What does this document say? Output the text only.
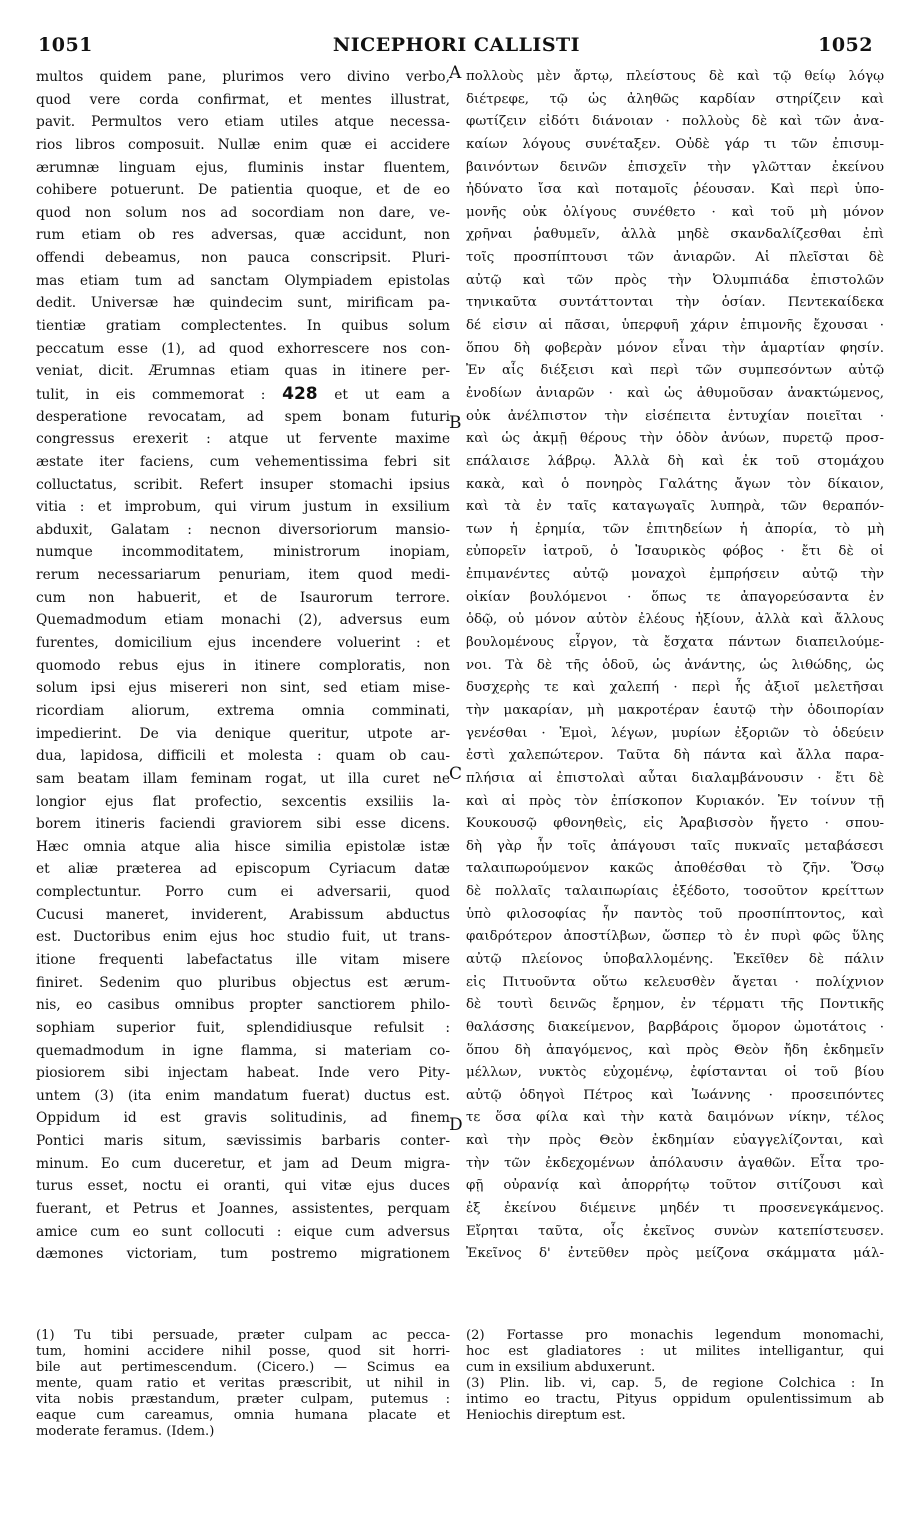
1051	NICEPHORI CALLISTI	1052
A
B
C
D
multos quidem pane, plurimos vero divino verbo,
quod vere corda confirmat, et mentes illustrat,
pavit. Permultos vero etiam utiles atque necessa-
rios libros composuit. Nullæ enim quæ ei accidere
ærumnæ linguam ejus, fluminis instar fluentem,
cohibere potuerunt. De patientia quoque, et de eo
quod non solum nos ad socordiam non dare, ve-
rum etiam ob res adversas, quæ accidunt, non
offendi debeamus, non pauca conscripsit. Pluri-
mas etiam tum ad sanctam Olympiadem epistolas
dedit. Universæ hæ quindecim sunt, mirificam pa-
tientiæ gratiam complectentes. In quibus solum
peccatum esse (1), ad quod exhorrescere nos con-
veniat, dicit. Ærumnas etiam quas in itinere per-
tulit, in eis commemorat : 428 et ut eam a
desperatione revocatam, ad spem bonam futuri
congressus erexerit : atque ut fervente maxime
æstate iter faciens, cum vehementissima febri sit
colluctatus, scribit. Refert insuper stomachi ipsius
vitia : et improbum, qui virum justum in exsilium
abduxit, Galatam : necnon diversoriorum mansio-
numque incommoditatem, ministrorum inopiam,
rerum necessariarum penuriam, item quod medi-
cum non habuerit, et de Isaurorum terrore.
Quemadmodum etiam monachi (2), adversus eum
furentes, domicilium ejus incendere voluerint : et
quomodo rebus ejus in itinere comploratis, non
solum ipsi ejus misereri non sint, sed etiam mise-
ricordiam aliorum, extrema omnia comminati,
impedierint. De via denique queritur, utpote ar-
dua, lapidosa, difficili et molesta : quam ob cau-
sam beatam illam feminam rogat, ut illa curet ne
longior ejus flat profectio, sexcentis exsiliis la-
borem itineris faciendi graviorem sibi esse dicens.
Hæc omnia atque alia hisce similia epistolæ istæ
et aliæ præterea ad episcopum Cyriacum datæ
complectuntur. Porro cum ei adversarii, quod
Cucusi maneret, inviderent, Arabissum abductus
est. Ductoribus enim ejus hoc studio fuit, ut trans-
itione frequenti labefactatus ille vitam misere
finiret. Sedenim quo pluribus objectus est ærum-
nis, eo casibus omnibus propter sanctiorem philo-
sophiam superior fuit, splendidiusque refulsit :
quemadmodum in igne flamma, si materiam co-
piosiorem sibi injectam habeat. Inde vero Pity-
untem (3) (ita enim mandatum fuerat) ductus est.
Oppidum id est gravis solitudinis, ad finem
Pontici maris situm, sævissimis barbaris conter-
minum. Eo cum duceretur, et jam ad Deum migra-
turus esset, noctu ei oranti, qui vitæ ejus duces
fuerant, et Petrus et Joannes, assistentes, perquam
amice cum eo sunt collocuti : eique cum adversus
dæmones victoriam, tum postremo migrationem
πολλοὺς μὲν ἄρτῳ, πλείστους δὲ καὶ τῷ θείῳ λόγῳ
διέτρεφε, τῷ ὡς ἀληθῶς καρδίαν στηρίζειν καὶ
φωτίζειν εἰδότι διάνοιαν · πολλοὺς δὲ καὶ τῶν ἀνα-
καίων λόγους συνέταξεν. Οὐδὲ γάρ τι τῶν ἐπισυμ-
βαινόντων δεινῶν ἐπισχεῖν τὴν γλῶτταν ἐκείνου
ἠδύνατο ἴσα καὶ ποταμοῖς ῥέουσαν. Καὶ περὶ ὑπο-
μονῆς οὐκ ὀλίγους συνέθετο · καὶ τοῦ μὴ μόνον
χρῆναι ῥαθυμεῖν, ἀλλὰ μηδὲ σκανδαλίζεσθαι ἐπὶ
τοῖς προσπίπτουσι τῶν ἀνιαρῶν. Αἱ πλεῖσται δὲ
αὐτῷ καὶ τῶν πρὸς τὴν Ὀλυμπιάδα ἐπιστολῶν
τηνικαῦτα συντάττονται τὴν ὁσίαν. Πεντεκαίδεκα
δέ εἰσιν αἱ πᾶσαι, ὑπερφυῆ χάριν ἐπιμονῆς ἔχουσαι ·
ὅπου δὴ φοβερὰν μόνον εἶναι τὴν ἁμαρτίαν φησίν.
Ἐν αἷς διέξεισι καὶ περὶ τῶν συμπεσόντων αὐτῷ
ἐνοδίων ἀνιαρῶν · καὶ ὡς ἀθυμοῦσαν ἀνακτώμενος,
οὐκ ἀνέλπιστον τὴν εἰσέπειτα ἐντυχίαν ποιεῖται ·
καὶ ὡς ἀκμῇ θέρους τὴν ὁδὸν ἀνύων, πυρετῷ προσ-
επάλαισε λάβρῳ. Ἀλλὰ δὴ καὶ ἐκ τοῦ στομάχου
κακὰ, καὶ ὁ πονηρὸς Γαλάτης ἄγων τὸν δίκαιον,
καὶ τὰ ἐν ταῖς καταγωγαῖς λυπηρὰ, τῶν θεραπόν-
των ἡ ἐρημία, τῶν ἐπιτηδείων ἡ ἀπορία, τὸ μὴ
εὐπορεῖν ἰατροῦ, ὁ Ἰσαυρικὸς φόβος · ἔτι δὲ οἱ
ἐπιμανέντες αὐτῷ μοναχοὶ ἐμπρήσειν αὐτῷ τὴν
οἰκίαν βουλόμενοι · ὅπως τε ἀπαγορεύσαντα ἐν
ὁδῷ, οὐ μόνον αὐτὸν ἐλέους ἠξίουν, ἀλλὰ καὶ ἄλλους
βουλομένους εἶργον, τὰ ἔσχατα πάντων διαπειλούμε-
νοι. Τὰ δὲ τῆς ὁδοῦ, ὡς ἀνάντης, ὡς λιθώδης, ὡς
δυσχερὴς τε καὶ χαλεπή · περὶ ἧς ἀξιοῖ μελετῆσαι
τὴν μακαρίαν, μὴ μακροτέραν ἑαυτῷ τὴν ὁδοιπορίαν
γενέσθαι · Ἐμοὶ, λέγων, μυρίων ἐξοριῶν τὸ ὁδεύειν
ἐστὶ χαλεπώτερον. Ταῦτα δὴ πάντα καὶ ἄλλα παρα-
πλήσια αἱ ἐπιστολαὶ αὗται διαλαμβάνουσιν · ἔτι δὲ
καὶ αἱ πρὸς τὸν ἐπίσκοπον Κυριακόν. Ἐν τοίνυν τῇ
Κουκουσῷ φθονηθεὶς, εἰς Ἀραβισσὸν ἤγετο · σπου-
δὴ γὰρ ἦν τοῖς ἀπάγουσι ταῖς πυκναῖς μεταβάσεσι
ταλαιπωρούμενον κακῶς ἀποθέσθαι τὸ ζῆν. Ὅσῳ
δὲ πολλαῖς ταλαιπωρίαις ἐξέδοτο, τοσοῦτον κρείττων
ὑπὸ φιλοσοφίας ἦν παντὸς τοῦ προσπίπτοντος, καὶ
φαιδρότερον ἀποστίλβων, ὥσπερ τὸ ἐν πυρὶ φῶς ὕλης
αὐτῷ πλείονος ὑποβαλλομένης. Ἐκεῖθεν δὲ πάλιν
εἰς Πιτυοῦντα οὕτω κελευσθὲν ἄγεται · πολίχνιον
δὲ τουτὶ δεινῶς ἔρημον, ἐν τέρματι τῆς Ποντικῆς
θαλάσσης διακείμενον, βαρβάροις ὅμορον ὠμοτάτοις ·
ὅπου δὴ ἀπαγόμενος, καὶ πρὸς Θεὸν ἤδη ἐκδημεῖν
μέλλων, νυκτὸς εὐχομένῳ, ἐφίστανται οἱ τοῦ βίου
αὐτῷ ὁδηγοὶ Πέτρος καὶ Ἰωάννης · προσειπόντες
τε ὅσα φίλα καὶ τὴν κατὰ δαιμόνων νίκην, τέλος
καὶ τὴν πρὸς Θεὸν ἐκδημίαν εὐαγγελίζονται, καὶ
τὴν τῶν ἐκδεχομένων ἀπόλαυσιν ἀγαθῶν. Εἶτα τρο-
φῇ οὐρανίᾳ καὶ ἀπορρήτῳ τοῦτον σιτίζουσι καὶ
ἐξ ἐκείνου διέμεινε μηδέν τι προσενεγκάμενος.
Εἴρηται ταῦτα, οἷς ἐκεῖνος συνὼν κατεπίστευσεν.
Ἐκεῖνος δ' ἐντεῦθεν πρὸς μείζονα σκάμματα μάλ-
(1) Tu tibi persuade, præter culpam ac pecca-
tum, homini accidere nihil posse, quod sit horri-
bile aut pertimescendum. (Cicero.) — Scimus ea
mente, quam ratio et veritas præscribit, ut nihil in
vita nobis præstandum, præter culpam, putemus :
eaque cum careamus, omnia humana placate et
moderate feramus. (Idem.)
(2) Fortasse pro monachis legendum monomachi,
hoc est gladiatores : ut milites intelligantur, qui
cum in exsilium abduxerunt.
(3) Plin. lib. vi, cap. 5, de regione Colchica : In
intimo eo tractu, Pityus oppidum opulentissimum ab
Heniochis direptum est.
